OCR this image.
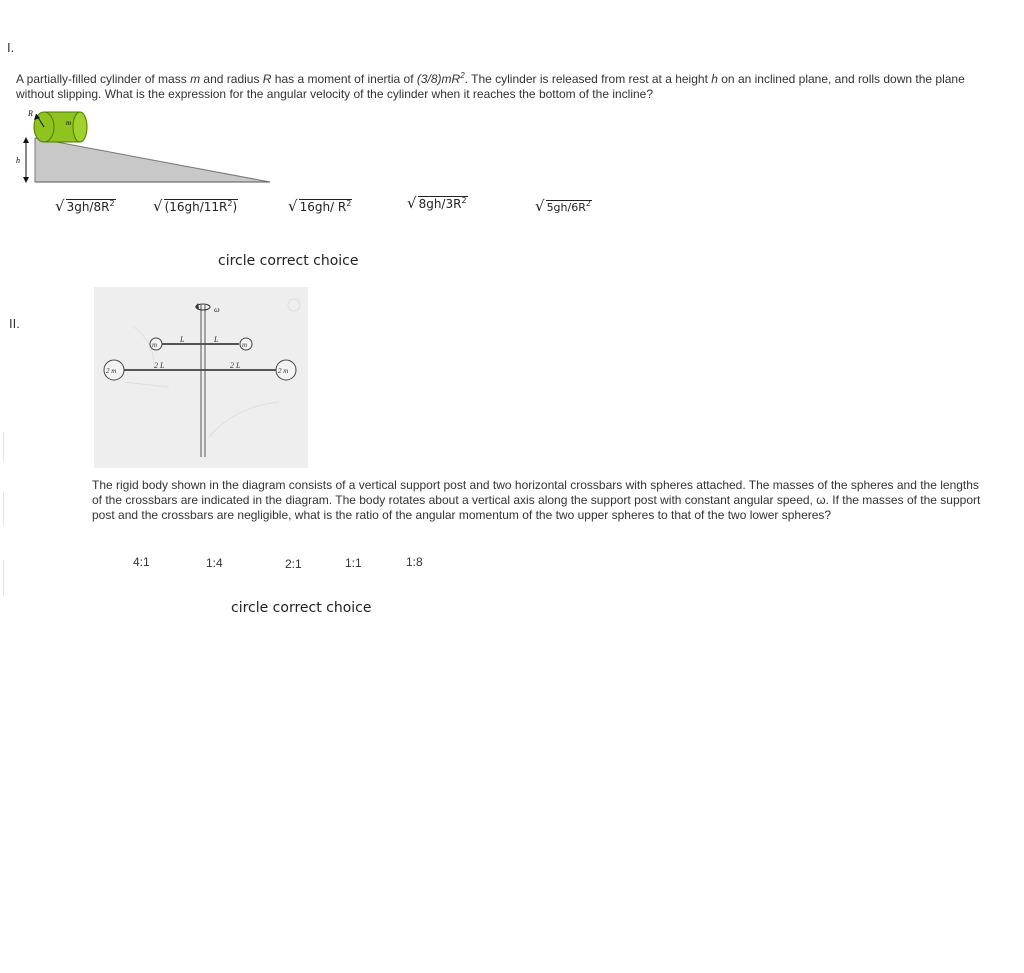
I.
A partially-filled cylinder of mass m and radius R has a moment of inertia of $(3/8)mR^2$. The cylinder is released from rest at a height h on an inclined plane, and rolls down the plane without slipping. What is the expression for the angular velocity of the cylinder when it reaches the bottom of the incline?
R
m
h
√ $3gh/8R^2$	√ $(16gh/11R^2)$	√ 16gh/ $R^2$	√ $8gh/3R^2$	√ $5gh/6R^2$
circle correct choice
II.
ω
L	L
m	m
2 L	2 L
2 m	2 m
The rigid body shown in the diagram consists of a vertical support post and two horizontal crossbars with spheres attached. The masses of the spheres and the lengths of the crossbars are indicated in the diagram. The body rotates about a vertical axis along the support post with constant angular speed, ω. If the masses of the support post and the crossbars are negligible, what is the ratio of the angular momentum of the two upper spheres to that of the two lower spheres?
4:1	1:4	2:1	1:1	1:8
circle correct choice
